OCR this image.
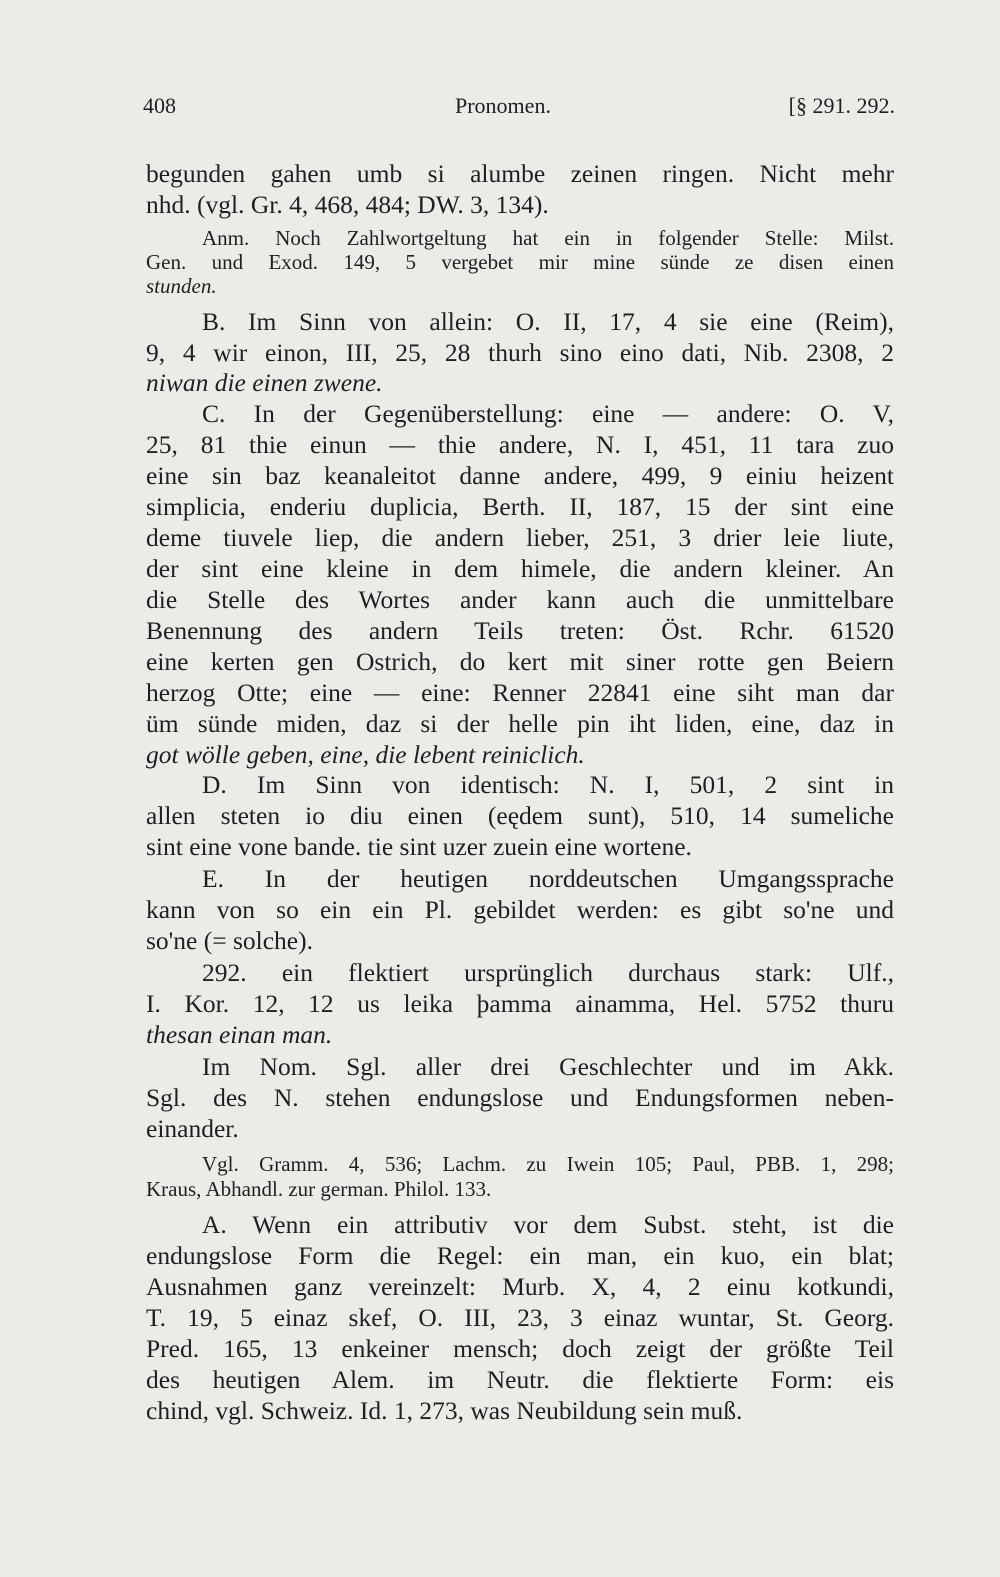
408	Pronomen.	[§ 291. 292.
begunden gahen umb si alumbe zeinen ringen. Nicht mehr
nhd. (vgl. Gr. 4, 468, 484; DW. 3, 134).
Anm. Noch Zahlwortgeltung hat ein in folgender Stelle: Milst.
Gen. und Exod. 149, 5 vergebet mir mine sünde ze disen einen
stunden.
B. Im Sinn von allein: O. II, 17, 4 sie eine (Reim),
9, 4 wir einon, III, 25, 28 thurh sino eino dati, Nib. 2308, 2
niwan die einen zwene.
C. In der Gegenüberstellung: eine — andere: O. V,
25, 81 thie einun — thie andere, N. I, 451, 11 tara zuo
eine sin baz keanaleitot danne andere, 499, 9 einiu heizent
simplicia, enderiu duplicia, Berth. II, 187, 15 der sint eine
deme tiuvele liep, die andern lieber, 251, 3 drier leie liute,
der sint eine kleine in dem himele, die andern kleiner. An
die Stelle des Wortes ander kann auch die unmittelbare
Benennung des andern Teils treten: Öst. Rchr. 61520
eine kerten gen Ostrich, do kert mit siner rotte gen Beiern
herzog Otte; eine — eine: Renner 22841 eine siht man dar
üm sünde miden, daz si der helle pin iht liden, eine, daz in
got wölle geben, eine, die lebent reiniclich.
D. Im Sinn von identisch: N. I, 501, 2 sint in
allen steten io diu einen (eędem sunt), 510, 14 sumeliche
sint eine vone bande. tie sint uzer zuein eine wortene.
E. In der heutigen norddeutschen Umgangssprache
kann von so ein ein Pl. gebildet werden: es gibt so'ne und
so'ne (= solche).
292. ein flektiert ursprünglich durchaus stark: Ulf.,
I. Kor. 12, 12 us leika þamma ainamma, Hel. 5752 thuru
thesan einan man.
Im Nom. Sgl. aller drei Geschlechter und im Akk.
Sgl. des N. stehen endungslose und Endungsformen neben-
einander.
Vgl. Gramm. 4, 536; Lachm. zu Iwein 105; Paul, PBB. 1, 298;
Kraus, Abhandl. zur german. Philol. 133.
A. Wenn ein attributiv vor dem Subst. steht, ist die
endungslose Form die Regel: ein man, ein kuo, ein blat;
Ausnahmen ganz vereinzelt: Murb. X, 4, 2 einu kotkundi,
T. 19, 5 einaz skef, O. III, 23, 3 einaz wuntar, St. Georg.
Pred. 165, 13 enkeiner mensch; doch zeigt der größte Teil
des heutigen Alem. im Neutr. die flektierte Form: eis
chind, vgl. Schweiz. Id. 1, 273, was Neubildung sein muß.
